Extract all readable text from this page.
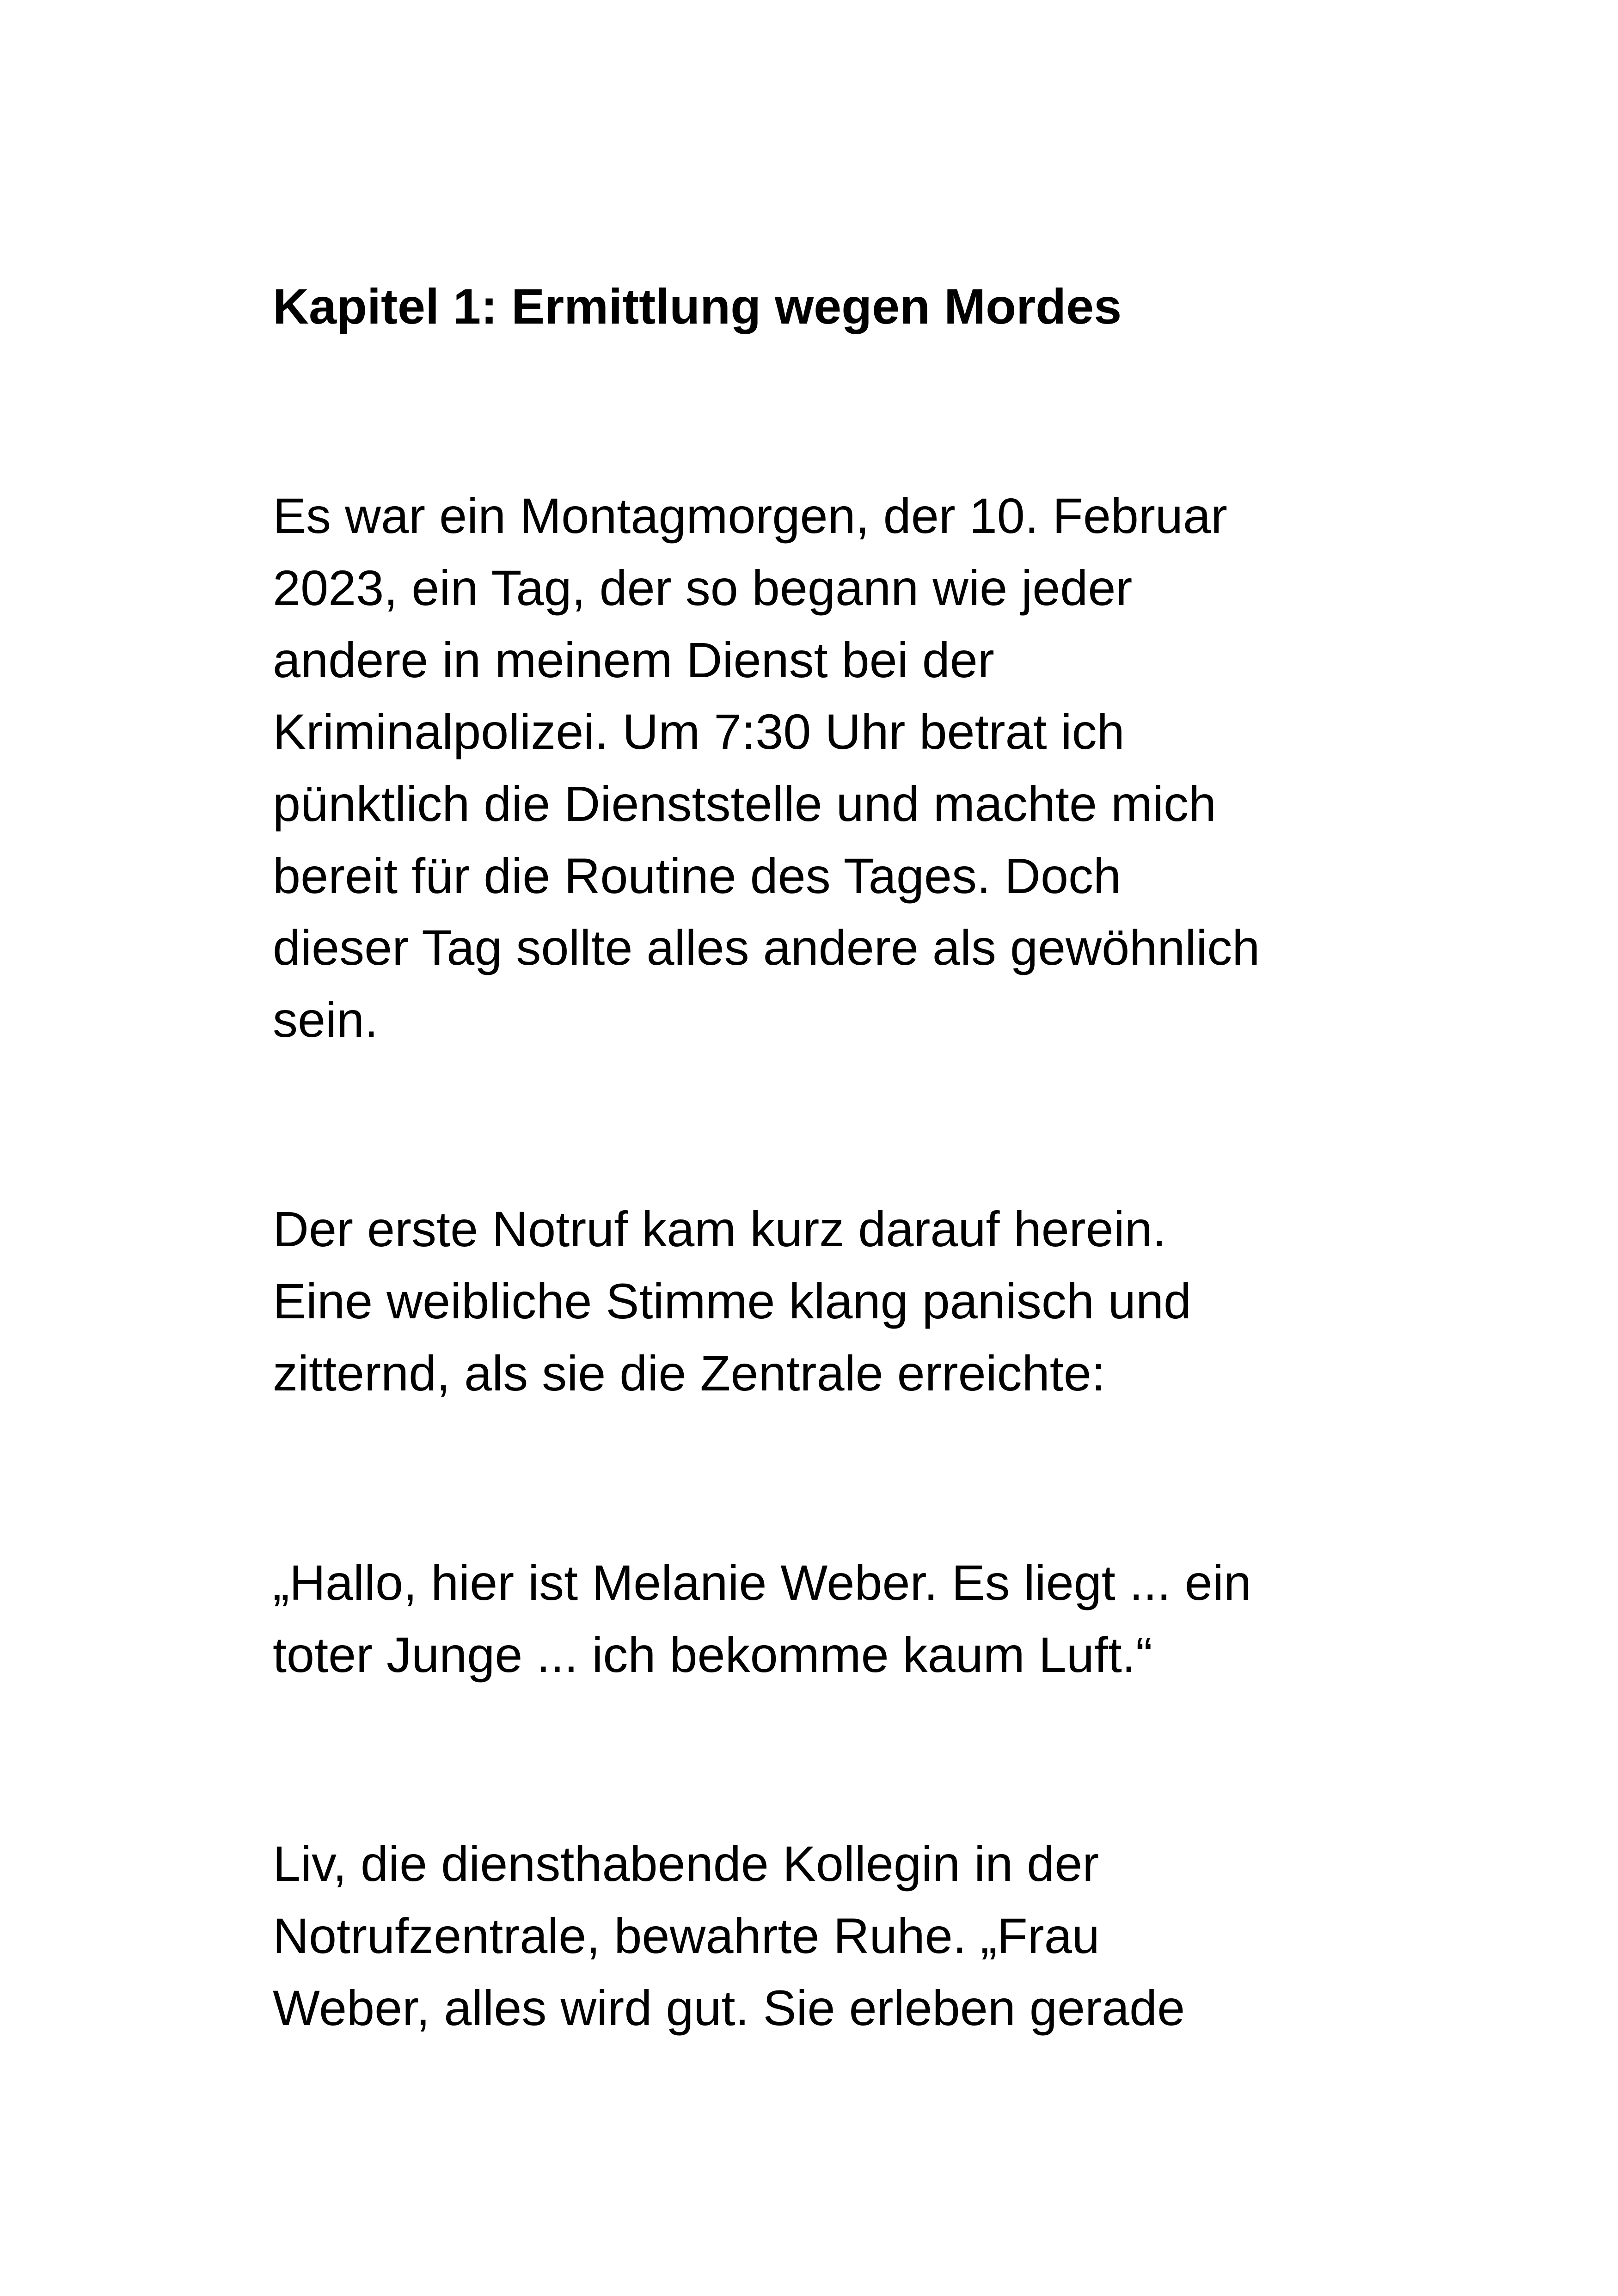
Kapitel 1: Ermittlung wegen Mordes
Es war ein Montagmorgen, der 10. Februar
2023, ein Tag, der so begann wie jeder
andere in meinem Dienst bei der
Kriminalpolizei. Um 7:30 Uhr betrat ich
pünktlich die Dienststelle und machte mich
bereit für die Routine des Tages. Doch
dieser Tag sollte alles andere als gewöhnlich
sein.
Der erste Notruf kam kurz darauf herein.
Eine weibliche Stimme klang panisch und
zitternd, als sie die Zentrale erreichte:
„Hallo, hier ist Melanie Weber. Es liegt ... ein
toter Junge ... ich bekomme kaum Luft.“
Liv, die diensthabende Kollegin in der
Notrufzentrale, bewahrte Ruhe. „Frau
Weber, alles wird gut. Sie erleben gerade
